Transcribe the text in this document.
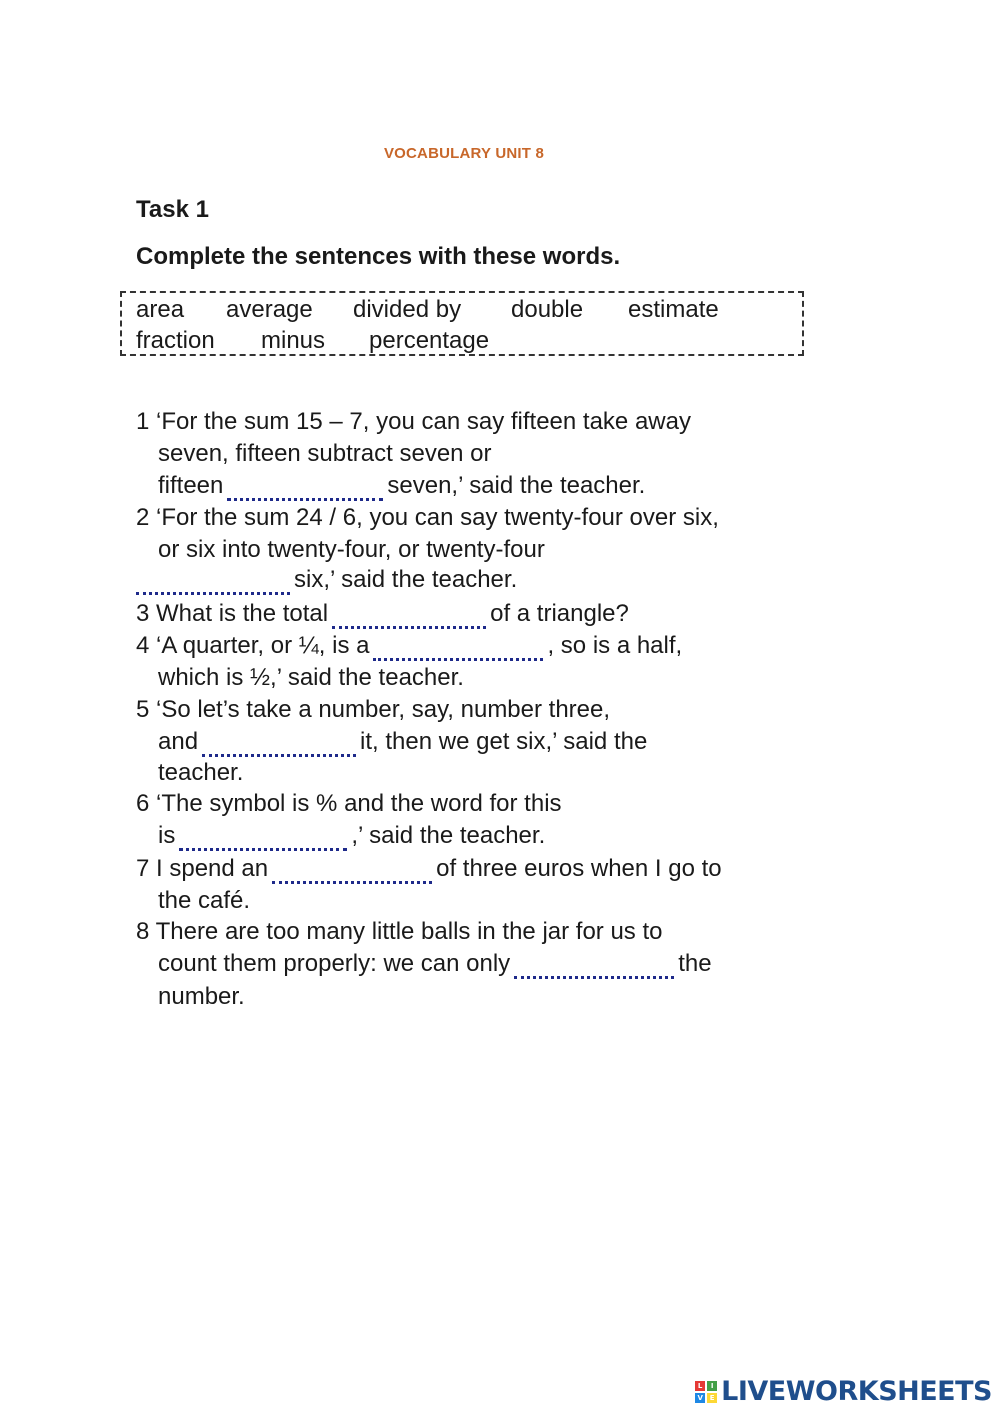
VOCABULARY UNIT 8
Task 1
Complete the sentences with these words.
area average divided by double estimate
fraction minus percentage
1 ‘For the sum 15 – 7, you can say fifteen take away
seven, fifteen subtract seven or
fifteen	seven,’ said the teacher.
2 ‘For the sum 24 / 6, you can say twenty-four over six,
or six into twenty-four, or twenty-four
six,’ said the teacher.
3 What is the total	of a triangle?
4 ‘A quarter, or ¼, is a	, so is a half,
which is ½,’ said the teacher.
5 ‘So let’s take a number, say, number three,
and	it, then we get six,’ said the
teacher.
6 ‘The symbol is % and the word for this
is	,’ said the teacher.
7 I spend an	of three euros when I go to
the café.
8 There are too many little balls in the jar for us to
count them properly: we can only	the
number.
L	I
V E LIVEWORKSHEETS
